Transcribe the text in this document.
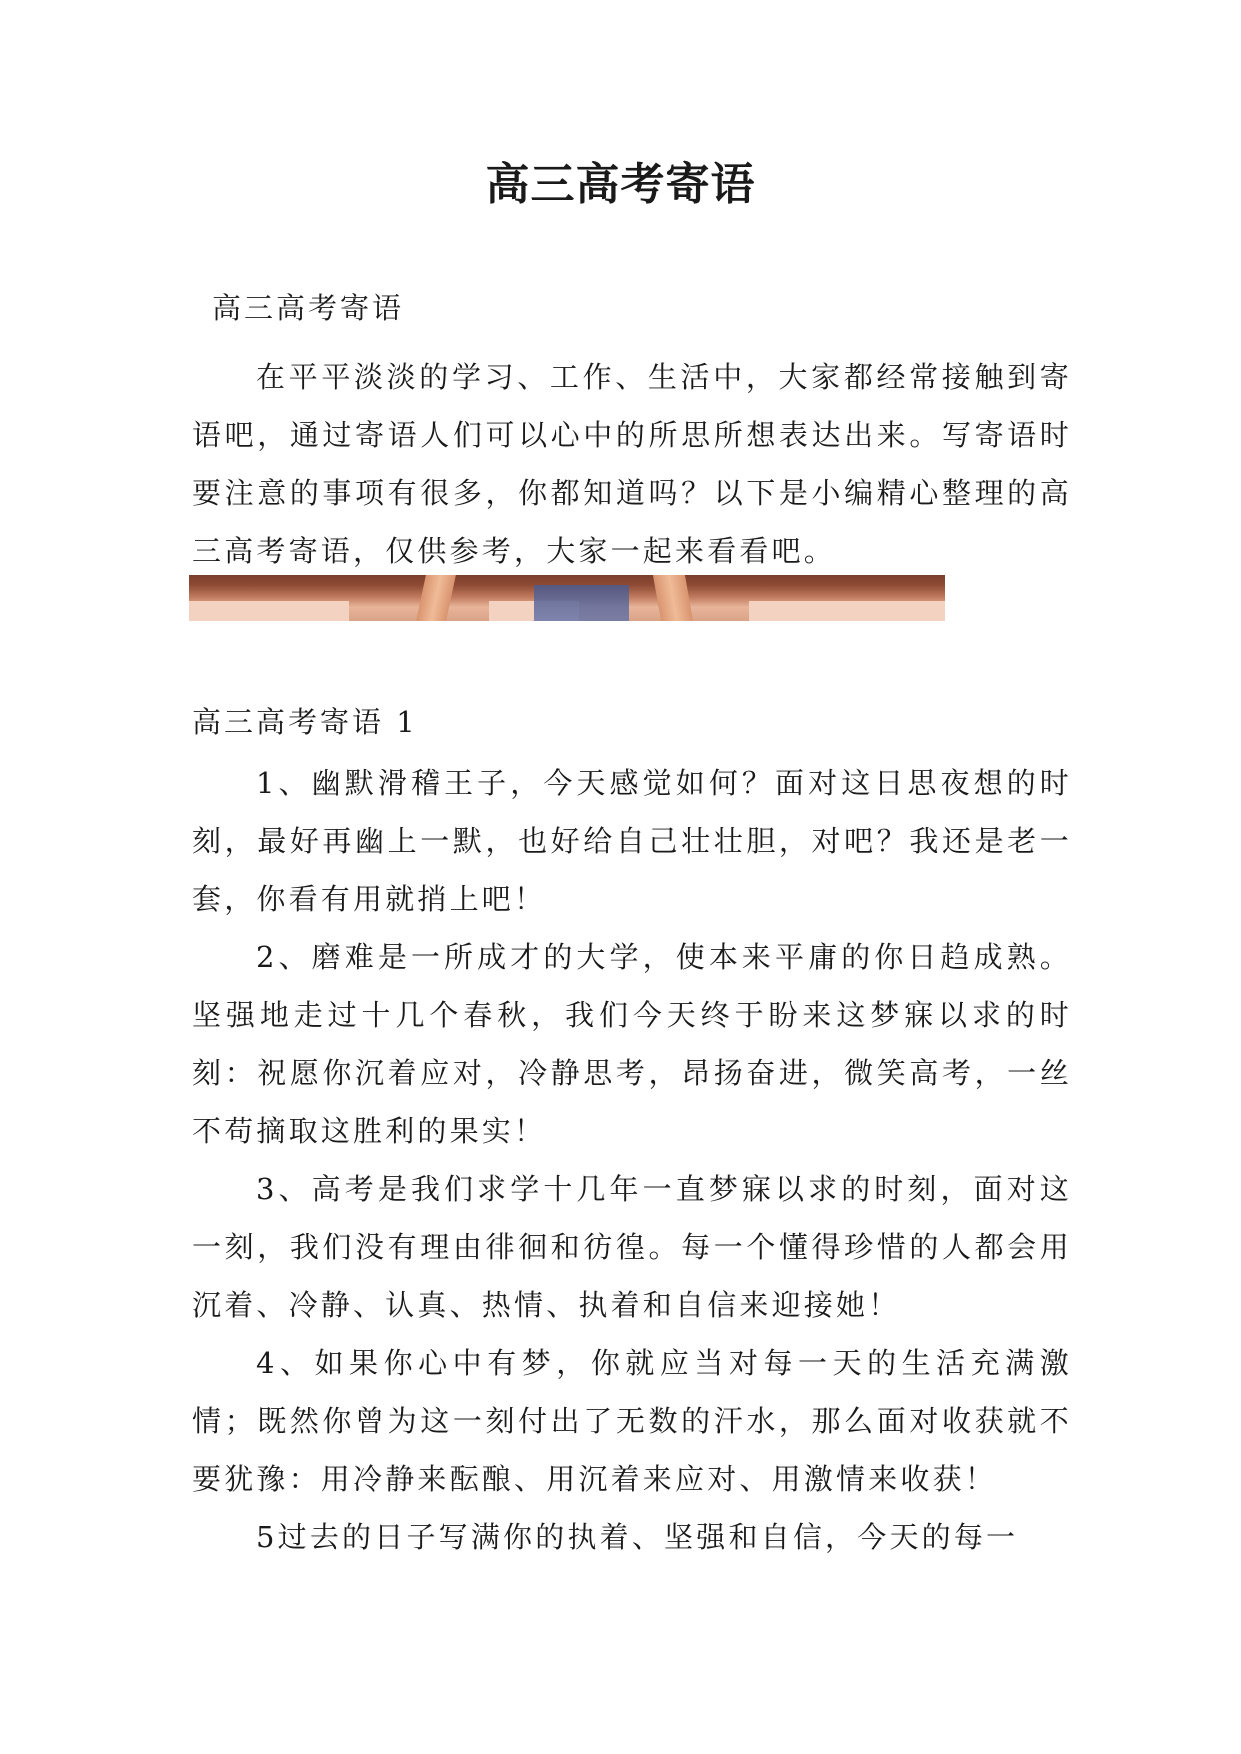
高三高考寄语

高三高考寄语

在平平淡淡的学习、工作、生活中，大家都经常接触到寄语吧，通过寄语人们可以心中的所思所想表达出来。写寄语时要注意的事项有很多，你都知道吗？以下是小编精心整理的高三高考寄语，仅供参考，大家一起来看看吧。

高三高考寄语 1

1、幽默滑稽王子，今天感觉如何？面对这日思夜想的时刻，最好再幽上一默，也好给自己壮壮胆，对吧？我还是老一套，你看有用就捎上吧！

2、磨难是一所成才的大学，使本来平庸的你日趋成熟。坚强地走过十几个春秋，我们今天终于盼来这梦寐以求的时刻：祝愿你沉着应对，冷静思考，昂扬奋进，微笑高考，一丝不苟摘取这胜利的果实！

3、高考是我们求学十几年一直梦寐以求的时刻，面对这一刻，我们没有理由徘徊和彷徨。每一个懂得珍惜的人都会用沉着、冷静、认真、热情、执着和自信来迎接她！

4、如果你心中有梦，你就应当对每一天的生活充满激情；既然你曾为这一刻付出了无数的汗水，那么面对收获就不要犹豫：用冷静来酝酿、用沉着来应对、用激情来收获！

5过去的日子写满你的执着、坚强和自信，今天的每一
